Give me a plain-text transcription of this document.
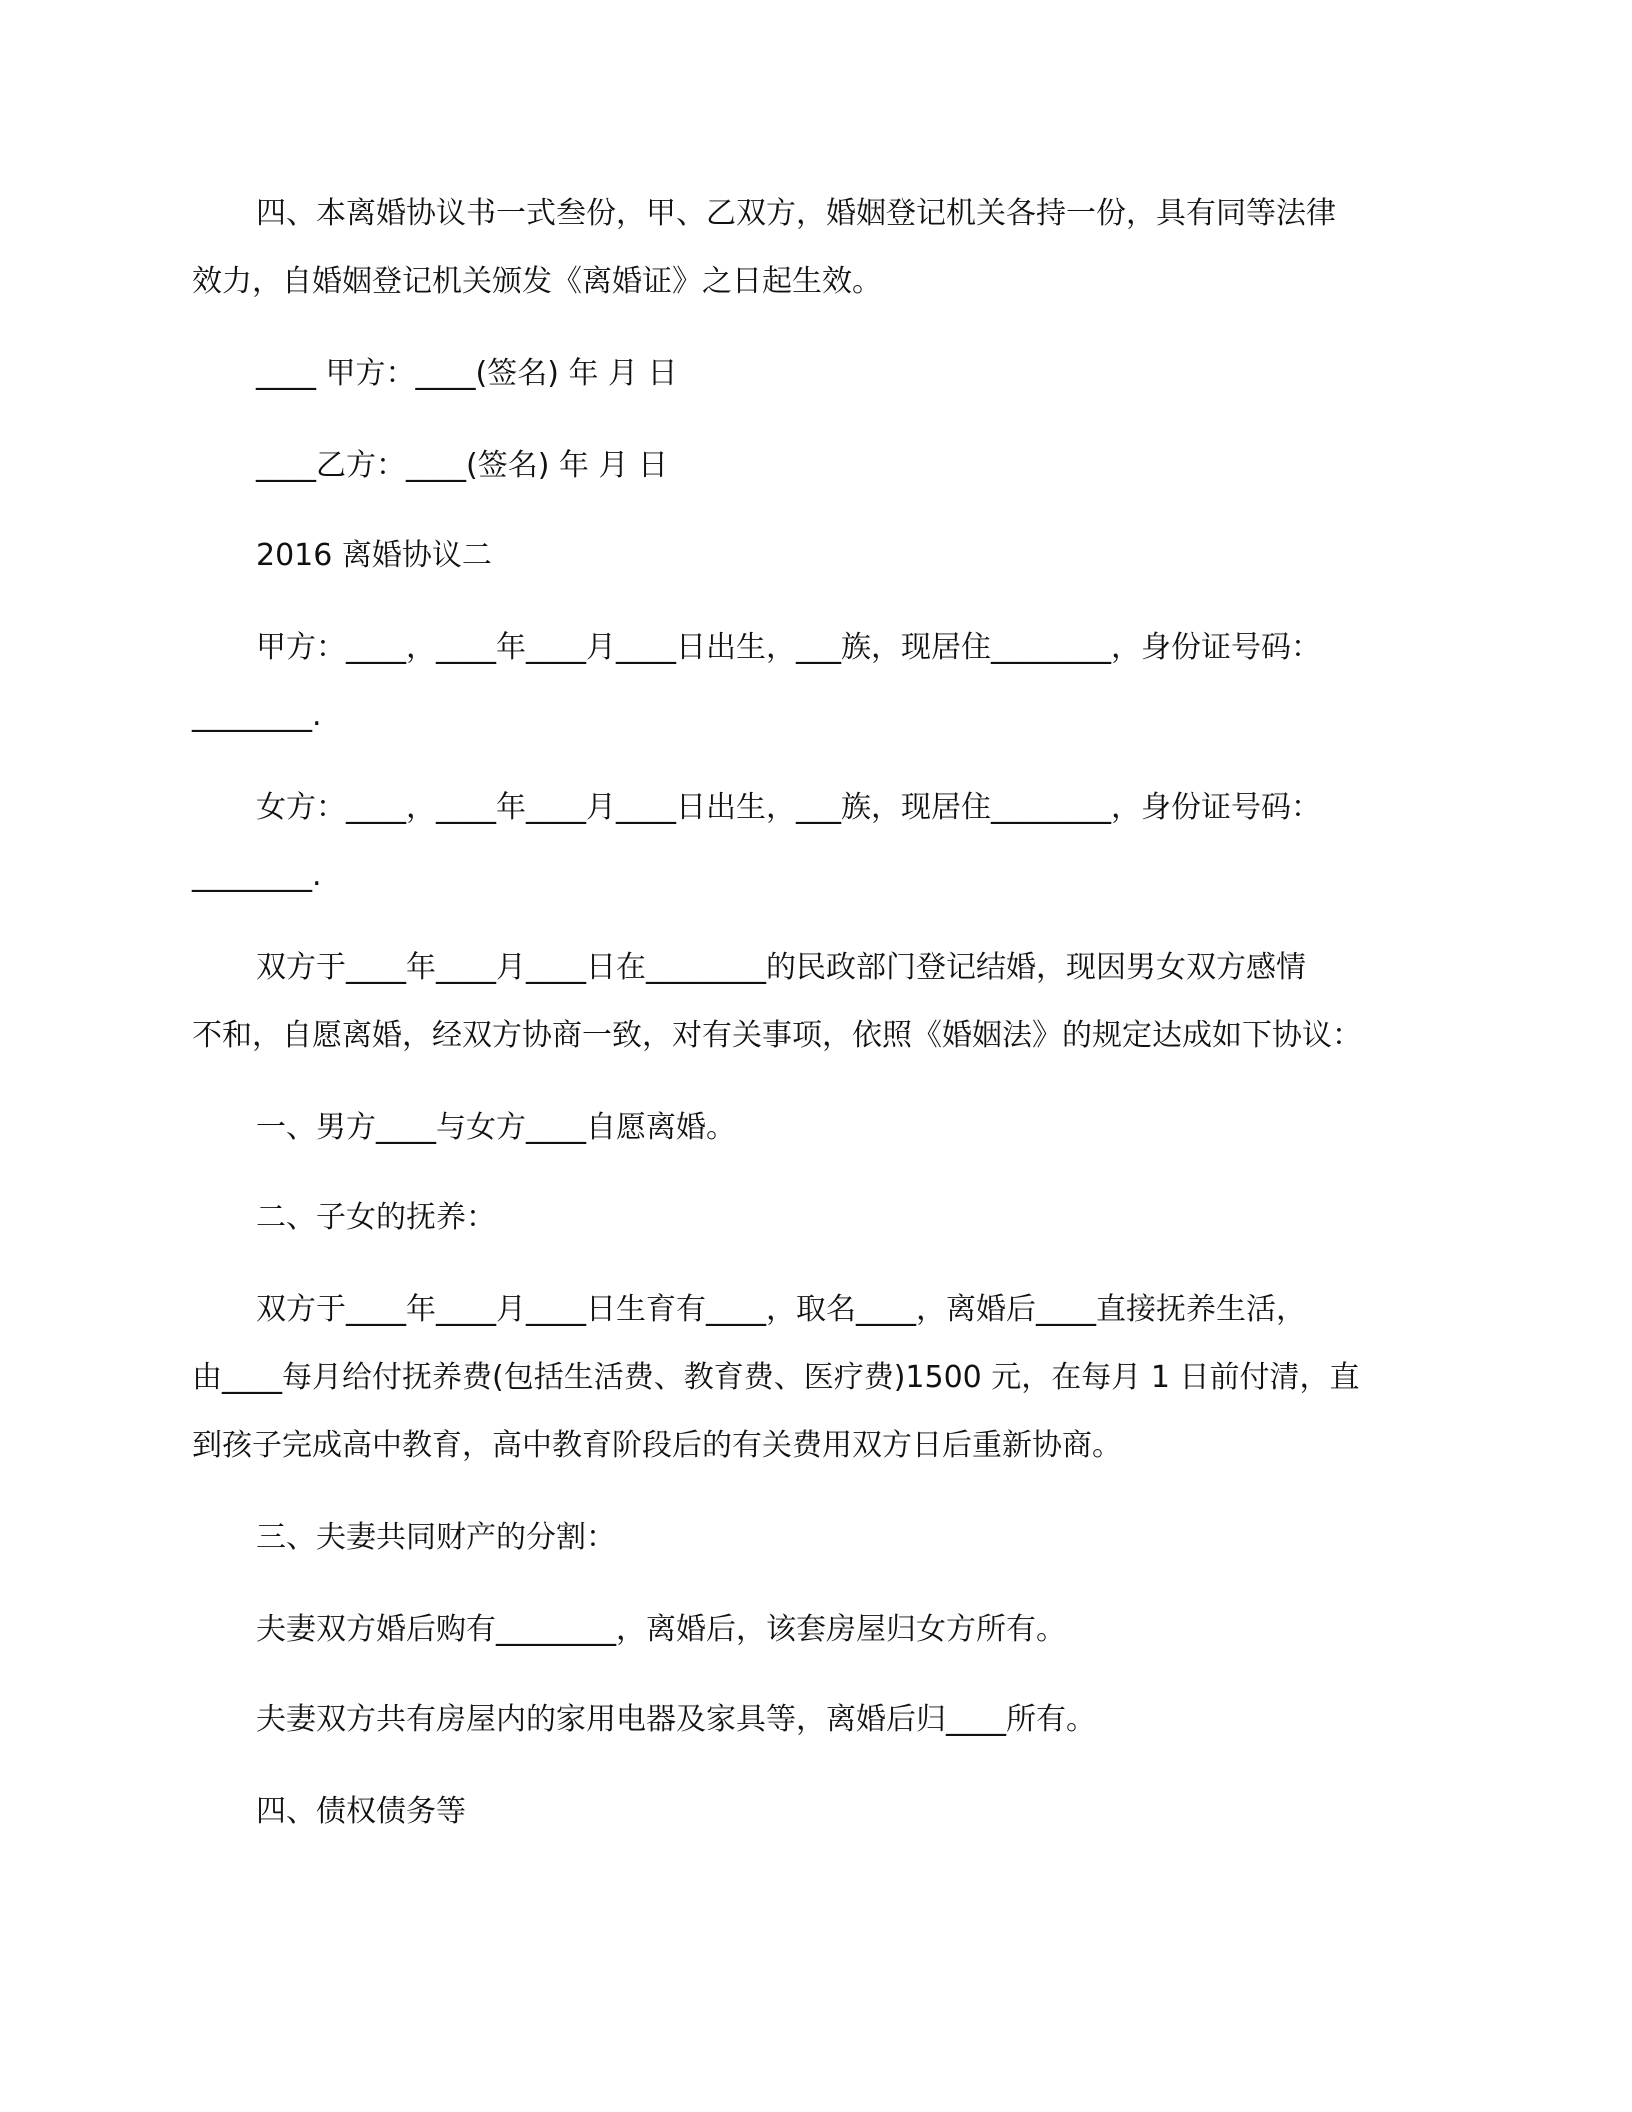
四、本离婚协议书一式叁份，甲、乙双方，婚姻登记机关各持一份，具有同等法律
效力，自婚姻登记机关颁发《离婚证》之日起生效。
____ 甲方：____(签名) 年 月 日
____乙方：____(签名) 年 月 日
2016 离婚协议二
甲方：____，____年____月____日出生，___族，现居住________，身份证号码：
________.
女方：____，____年____月____日出生，___族，现居住________，身份证号码：
________.
双方于____年____月____日在________的民政部门登记结婚，现因男女双方感情
不和，自愿离婚，经双方协商一致，对有关事项，依照《婚姻法》的规定达成如下协议：
一、男方____与女方____自愿离婚。
二、子女的抚养：
双方于____年____月____日生育有____，取名____，离婚后____直接抚养生活，
由____每月给付抚养费(包括生活费、教育费、医疗费)1500 元，在每月 1 日前付清，直
到孩子完成高中教育，高中教育阶段后的有关费用双方日后重新协商。
三、夫妻共同财产的分割：
夫妻双方婚后购有________，离婚后，该套房屋归女方所有。
夫妻双方共有房屋内的家用电器及家具等，离婚后归____所有。
四、债权债务等
